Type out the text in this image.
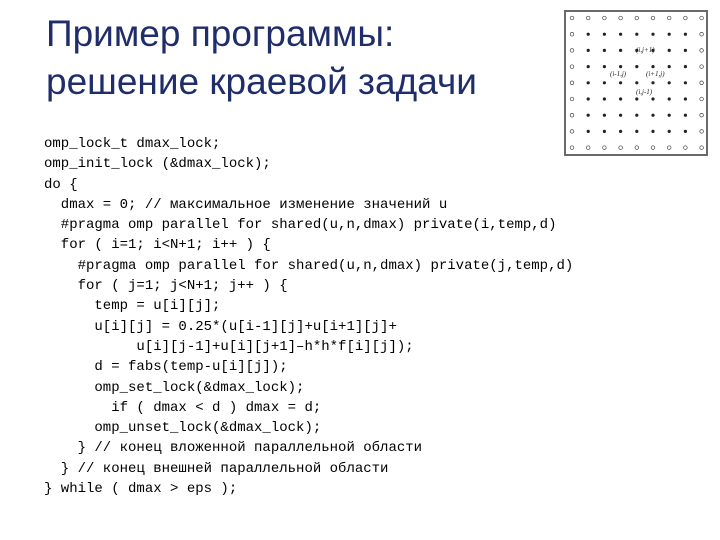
Пример программы:
решение краевой задачи
(i,j+1)
(i-1,j)	(i+1,j)
(i,j-1)
omp_lock_t dmax_lock;
omp_init_lock (&dmax_lock);
do {
dmax = 0; // максимальное изменение значений u
#pragma omp parallel for shared(u,n,dmax) private(i,temp,d)
for ( i=1; i<N+1; i++ ) {
#pragma omp parallel for shared(u,n,dmax) private(j,temp,d)
for ( j=1; j<N+1; j++ ) {
temp = u[i][j];
u[i][j] = 0.25*(u[i-1][j]+u[i+1][j]+
u[i][j-1]+u[i][j+1]–h*h*f[i][j]);
d = fabs(temp-u[i][j]);
omp_set_lock(&dmax_lock);
if ( dmax < d ) dmax = d;
omp_unset_lock(&dmax_lock);
} // конец вложенной параллельной области
} // конец внешней параллельной области
} while ( dmax > eps );
